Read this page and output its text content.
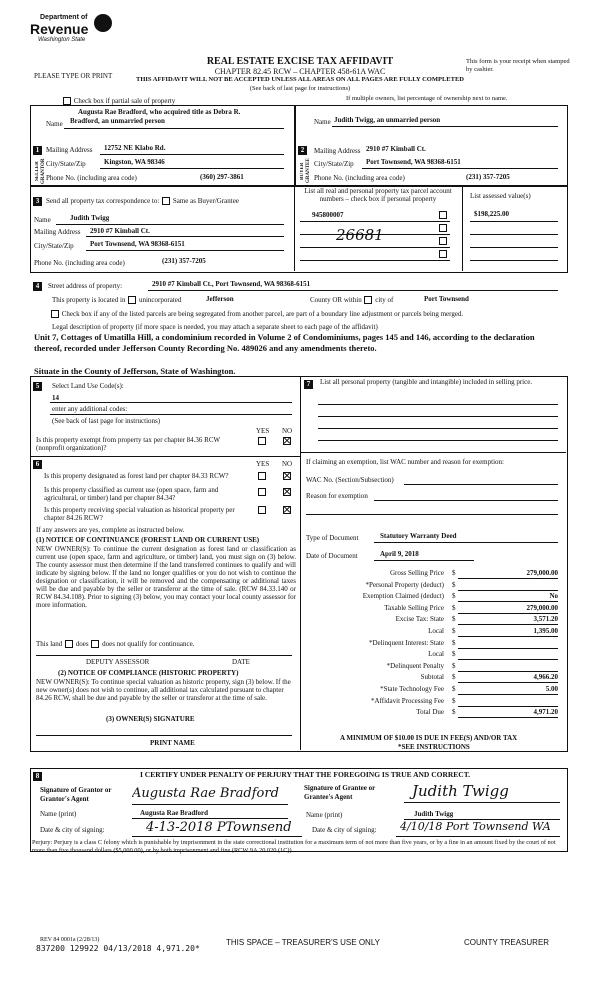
Department of
Revenue
Washington State
REAL ESTATE EXCISE TAX AFFIDAVIT
CHAPTER 82.45 RCW – CHAPTER 458-61A WAC
THIS AFFIDAVIT WILL NOT BE ACCEPTED UNLESS ALL AREAS ON ALL PAGES ARE FULLY COMPLETED
(See back of last page for instructions)
PLEASE TYPE OR PRINT
This form is your receipt when stamped by cashier.
Check box if partial sale of property	If multiple owners, list percentage of ownership next to name.
1
SELLER GRANTOR
Augusta Rae Bradford, who acquired title as Debra R.
Name Bradford, an unmarried person
Mailing Address 12752 NE Klabo Rd.
City/State/Zip	Kingston, WA 98346
Phone No. (including area code)	(360) 297-3861
2
BUYER GRANTEE
Name Judith Twigg, an unmarried person
Mailing Address 2910 #7 Kimball Ct.
City/State/Zip Port Townsend, WA 98368-6151
Phone No. (including area code)	(231) 357-7205
3 Send all property tax correspondence to: Same as Buyer/Grantee
Name	Judith Twigg
Mailing Address 2910 #7 Kimball Ct.
City/State/Zip Port Townsend, WA 98368-6151
Phone No. (including area code)	(231) 357-7205
List all real and personal property tax parcel account numbers – check box if personal property	List assessed value(s)
945800007	$198,225.00
26681
4	Street address of property:	2910 #7 Kimball Ct., Port Townsend, WA 98368-6151
This property is located in unincorporated	Jefferson	County OR within city of	Port Townsend
Check box if any of the listed parcels are being segregated from another parcel, are part of a boundary line adjustment or parcels being merged.
Legal description of property (if more space is needed, you may attach a separate sheet to each page of the affidavit)
Unit 7, Cottages of Umatilla Hill, a condominium recorded in Volume 2 of Condominiums, pages 145 and 146, according to the declaration thereof, recorded under Jefferson County Recording No. 489026 and any amendments thereto.
Situate in the County of Jefferson, State of Washington.
5	Select Land Use Code(s):
14
enter any additional codes:
(See back of last page for instructions)
YES NO
Is this property exempt from property tax per chapter 84.36 RCW (nonprofit organization)?
6	YES NO
Is this property designated as forest land per chapter 84.33 RCW?
Is this property classified as current use (open space, farm and agricultural, or timber) land per chapter 84.34?
Is this property receiving special valuation as historical property per chapter 84.26 RCW?
If any answers are yes, complete as instructed below.
(1) NOTICE OF CONTINUANCE (FOREST LAND OR CURRENT USE)
NEW OWNER(S): To continue the current designation as forest land or classification as current use (open space, farm and agriculture, or timber) land, you must sign on (3) below. The county assessor must then determine if the land transferred continues to qualify and will indicate by signing below. If the land no longer qualifies or you do not wish to continue the designation or classification, it will be removed and the compensating or additional taxes will be due and payable by the seller or transferor at the time of sale. (RCW 84.33.140 or RCW 84.34.108). Prior to signing (3) below, you may contact your local county assessor for more information.
This land does does not qualify for continuance.
DEPUTY ASSESSOR	DATE
(2) NOTICE OF COMPLIANCE (HISTORIC PROPERTY)
NEW OWNER(S): To continue special valuation as historic property, sign (3) below. If the new owner(s) does not wish to continue, all additional tax calculated pursuant to chapter 84.26 RCW, shall be due and payable by the seller or transferor at the time of sale.
(3) OWNER(S) SIGNATURE
PRINT NAME
7	List all personal property (tangible and intangible) included in selling price.
If claiming an exemption, list WAC number and reason for exemption:
WAC No. (Section/Subsection)
Reason for exemption
Type of Document	Statutory Warranty Deed
Date of Document	April 9, 2018
Gross Selling Price $	279,000.00
*Personal Property (deduct) $
Exemption Claimed (deduct) $	No
Taxable Selling Price $	279,000.00
Excise Tax: State $	3,571.20
Local $	1,395.00
*Delinquent Interest: State $
Local $
*Delinquent Penalty $
Subtotal $	4,966.20
*State Technology Fee $	5.00
*Affidavit Processing Fee $
Total Due $	4,971.20
A MINIMUM OF $10.00 IS DUE IN FEE(S) AND/OR TAX
*SEE INSTRUCTIONS
8	I CERTIFY UNDER PENALTY OF PERJURY THAT THE FOREGOING IS TRUE AND CORRECT.
Signature of Grantor or Grantor's Agent	Augusta Rae Bradford	Signature of Grantee or Grantee's Agent	Judith Twigg
Name (print)	Augusta Rae Bradford	Name (print)	Judith Twigg
Date & city of signing:	4-13-2018 PTownsend	Date & city of signing: 4/10/18 Port Townsend WA
Perjury: Perjury is a class C felony which is punishable by imprisonment in the state correctional institution for a maximum term of not more than five years, or by a fine in an amount fixed by the court of not more than five thousand dollars ($5,000.00), or by both imprisonment and fine (RCW 9A.20.020 (1C)).
REV 84 0001a (2/28/13)
837200 129922 04/13/2018 4,971.20*
THIS SPACE – TREASURER'S USE ONLY	COUNTY TREASURER
